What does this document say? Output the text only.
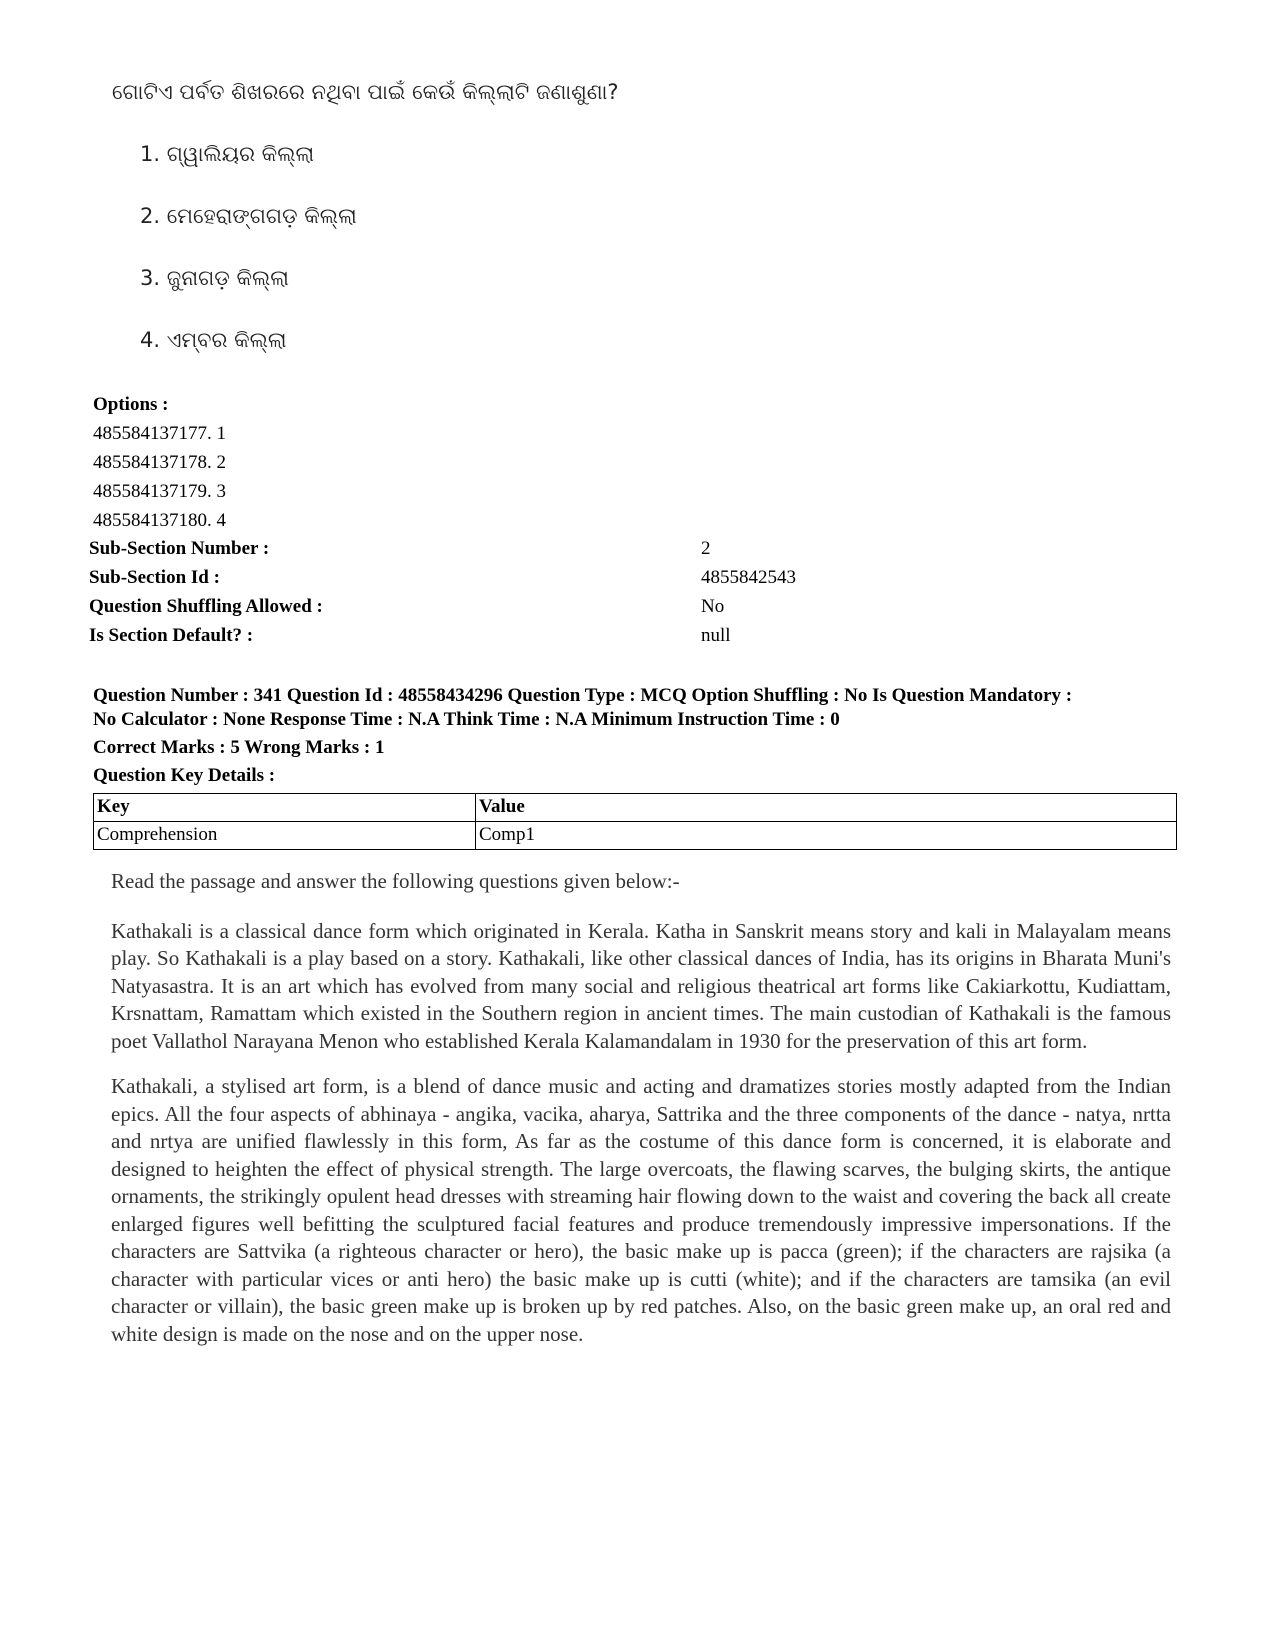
ଗୋଟିଏ ପର୍ବତ ଶିଖରରେ ନଥିବା ପାଇଁ କେଉଁ କିଲ୍ଲାଟି ଜଣାଶୁଣା?
1. ଗ୍ୱାଲିୟର କିଲ୍ଲା
2. ମେହେରାଙ୍ଗଗଡ଼ କିଲ୍ଲା
3. ଜୁନାଗଡ଼ କିଲ୍ଲା
4. ଏମ୍ବର କିଲ୍ଲା
Options :
485584137177. 1
485584137178. 2
485584137179. 3
485584137180. 4
Sub-Section Number :	2
Sub-Section Id :	4855842543
Question Shuffling Allowed :	No
Is Section Default? :	null
Question Number : 341 Question Id : 48558434296 Question Type : MCQ Option Shuffling : No Is Question Mandatory :
No Calculator : None Response Time : N.A Think Time : N.A Minimum Instruction Time : 0
Correct Marks : 5 Wrong Marks : 1
Question Key Details :
Key	Value
Comprehension	Comp1

Read the passage and answer the following questions given below:-

Kathakali is a classical dance form which originated in Kerala. Katha in Sanskrit means story and kali in Malayalam means play. So Kathakali is a play based on a story. Kathakali, like other classical dances of India, has its origins in Bharata Muni's Natyasastra. It is an art which has evolved from many social and religious theatrical art forms like Cakiarkottu, Kudiattam, Krsnattam, Ramattam which existed in the Southern region in ancient times. The main custodian of Kathakali is the famous poet Vallathol Narayana Menon who established Kerala Kalamandalam in 1930 for the preservation of this art form.

Kathakali, a stylised art form, is a blend of dance music and acting and dramatizes stories mostly adapted from the Indian epics. All the four aspects of abhinaya - angika, vacika, aharya, Sattrika and the three components of the dance - natya, nrtta and nrtya are unified flawlessly in this form, As far as the costume of this dance form is concerned, it is elaborate and designed to heighten the effect of physical strength. The large overcoats, the flawing scarves, the bulging skirts, the antique ornaments, the strikingly opulent head dresses with streaming hair flowing down to the waist and covering the back all create enlarged figures well befitting the sculptured facial features and produce tremendously impressive impersonations. If the characters are Sattvika (a righteous character or hero), the basic make up is pacca (green); if the characters are rajsika (a character with particular vices or anti hero) the basic make up is cutti (white); and if the characters are tamsika (an evil character or villain), the basic green make up is broken up by red patches. Also, on the basic green make up, an oral red and white design is made on the nose and on the upper nose.
